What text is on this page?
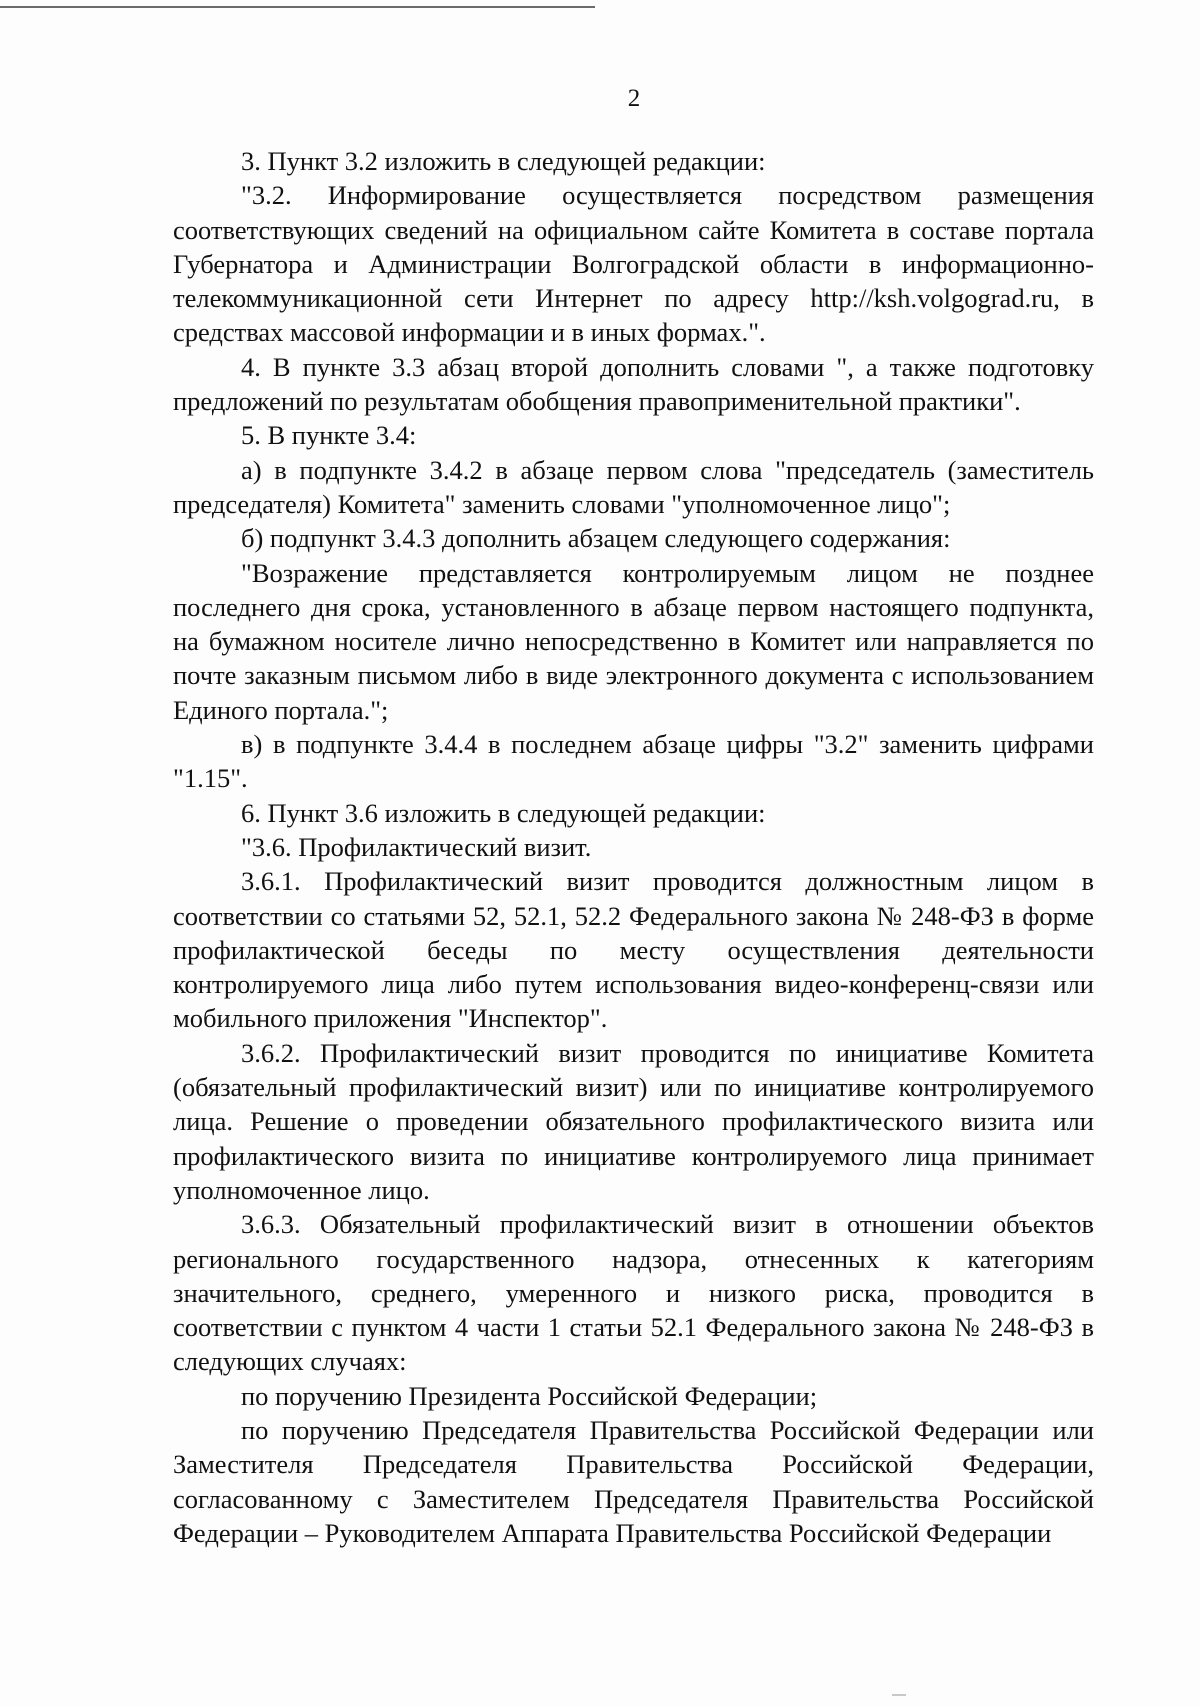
2

3. Пункт 3.2 изложить в следующей редакции:

"3.2. Информирование осуществляется посредством размещения соответствующих сведений на официальном сайте Комитета в составе портала Губернатора и Администрации Волгоградской области в информационно-телекоммуникационной сети Интернет по адресу http://ksh.volgograd.ru, в средствах массовой информации и в иных формах.".

4. В пункте 3.3 абзац второй дополнить словами ", а также подготовку предложений по результатам обобщения правоприменительной практики".

5. В пункте 3.4:

а) в подпункте 3.4.2 в абзаце первом слова "председатель (заместитель председателя) Комитета" заменить словами "уполномоченное лицо";

б) подпункт 3.4.3 дополнить абзацем следующего содержания:

"Возражение представляется контролируемым лицом не позднее последнего дня срока, установленного в абзаце первом настоящего подпункта, на бумажном носителе лично непосредственно в Комитет или направляется по почте заказным письмом либо в виде электронного документа с использованием Единого портала.";

в) в подпункте 3.4.4 в последнем абзаце цифры "3.2" заменить цифрами "1.15".

6. Пункт 3.6 изложить в следующей редакции:

"3.6. Профилактический визит.

3.6.1. Профилактический визит проводится должностным лицом в соответствии со статьями 52, 52.1, 52.2 Федерального закона № 248-ФЗ в форме профилактической беседы по месту осуществления деятельности контролируемого лица либо путем использования видео-конференц-связи или мобильного приложения "Инспектор".

3.6.2. Профилактический визит проводится по инициативе Комитета (обязательный профилактический визит) или по инициативе контролируемого лица. Решение о проведении обязательного профилактического визита или профилактического визита по инициативе контролируемого лица принимает уполномоченное лицо.

3.6.3. Обязательный профилактический визит в отношении объектов регионального государственного надзора, отнесенных к категориям значительного, среднего, умеренного и низкого риска, проводится в соответствии с пунктом 4 части 1 статьи 52.1 Федерального закона № 248-ФЗ в следующих случаях:

по поручению Президента Российской Федерации;

по поручению Председателя Правительства Российской Федерации или Заместителя Председателя Правительства Российской Федерации, согласованному с Заместителем Председателя Правительства Российской Федерации – Руководителем Аппарата Правительства Российской Федерации
